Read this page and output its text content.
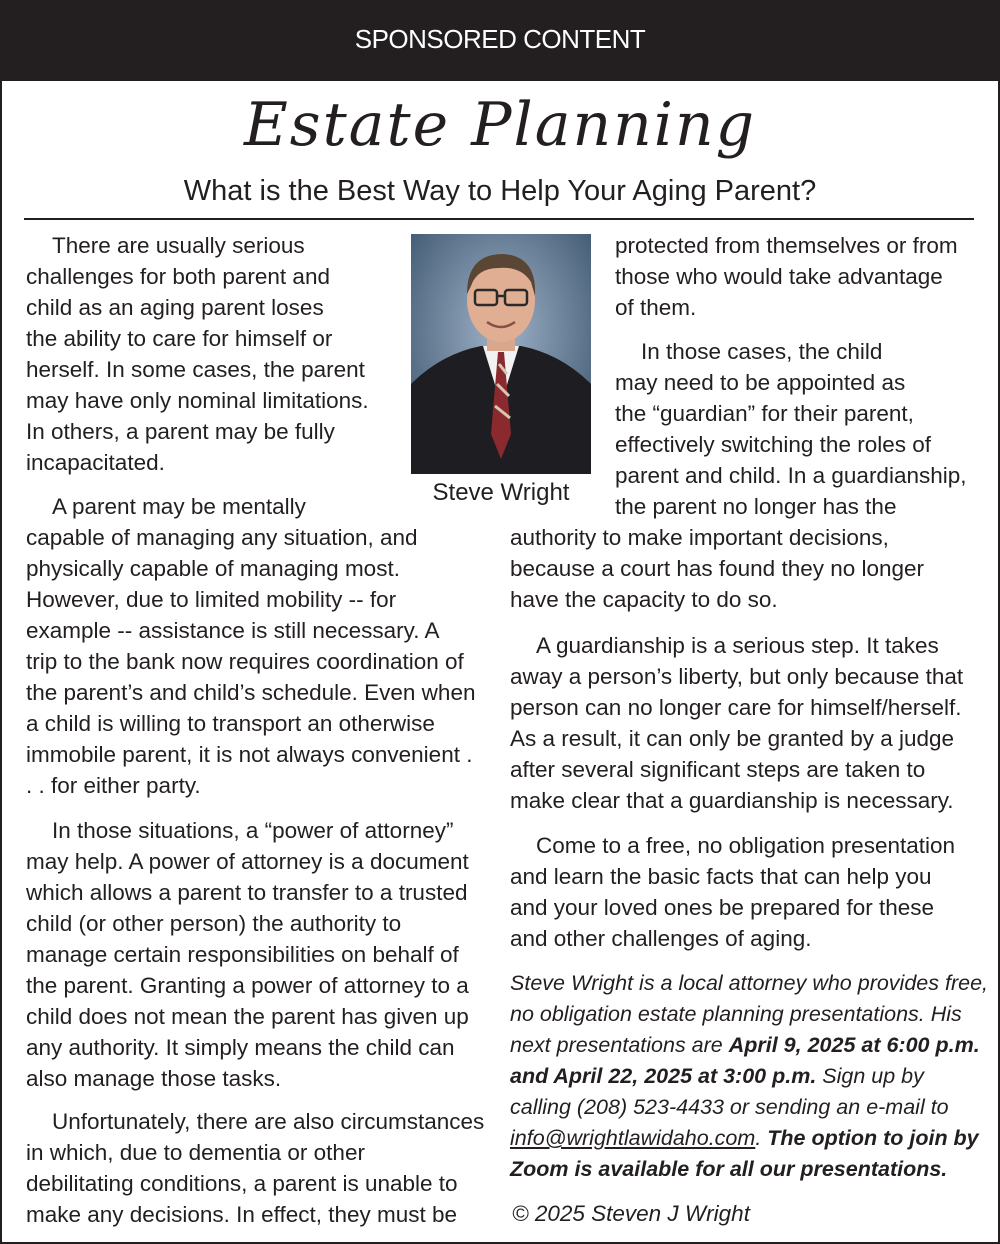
SPONSORED CONTENT
Estate Planning
What is the Best Way to Help Your Aging Parent?
There are usually serious
challenges for both parent and
child as an aging parent loses
the ability to care for himself or
herself. In some cases, the parent
may have only nominal limitations.
In others, a parent may be fully
incapacitated.
A parent may be mentally
capable of managing any situation, and
physically capable of managing most.
However, due to limited mobility -- for
example -- assistance is still necessary. A
trip to the bank now requires coordination of
the parent’s and child’s schedule. Even when
a child is willing to transport an otherwise
immobile parent, it is not always convenient .
. . for either party.
In those situations, a “power of attorney”
may help. A power of attorney is a document
which allows a parent to transfer to a trusted
child (or other person) the authority to
manage certain responsibilities on behalf of
the parent. Granting a power of attorney to a
child does not mean the parent has given up
any authority. It simply means the child can
also manage those tasks.
Unfortunately, there are also circumstances
in which, due to dementia or other
debilitating conditions, a parent is unable to
make any decisions. In effect, they must be
Steve Wright
protected from themselves or from
those who would take advantage
of them.
In those cases, the child
may need to be appointed as
the “guardian” for their parent,
effectively switching the roles of
parent and child. In a guardianship,
the parent no longer has the
authority to make important decisions,
because a court has found they no longer
have the capacity to do so.
A guardianship is a serious step. It takes
away a person’s liberty, but only because that
person can no longer care for himself/herself.
As a result, it can only be granted by a judge
after several significant steps are taken to
make clear that a guardianship is necessary.
Come to a free, no obligation presentation
and learn the basic facts that can help you
and your loved ones be prepared for these
and other challenges of aging.
Steve Wright is a local attorney who provides free,
no obligation estate planning presentations. His
next presentations are April 9, 2025 at 6:00 p.m.
and April 22, 2025 at 3:00 p.m. Sign up by
calling (208) 523-4433 or sending an e-mail to
info@wrightlawidaho.com. The option to join by
Zoom is available for all our presentations.
© 2025 Steven J Wright
